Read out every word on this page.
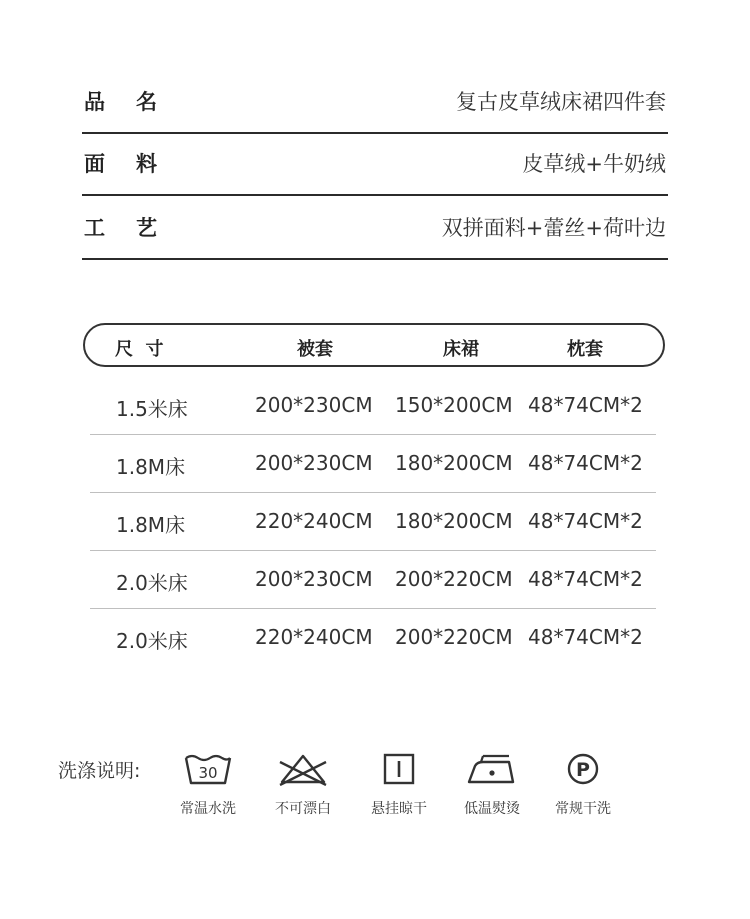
品 名	复古皮草绒床裙四件套
面 料	皮草绒+牛奶绒
工 艺	双拼面料+蕾丝+荷叶边
尺  寸	被套	床裙	枕套
1.5米床	200*230CM 150*200CM 48*74CM*2
1.8M床	200*230CM 180*200CM 48*74CM*2
1.8M床	220*240CM 180*200CM 48*74CM*2
2.0米床	200*230CM 200*220CM 48*74CM*2
2.0米床	220*240CM 200*220CM 48*74CM*2
洗涤说明:	30
常温水洗	不可漂白	悬挂晾干	低温熨烫
P
常规干洗
